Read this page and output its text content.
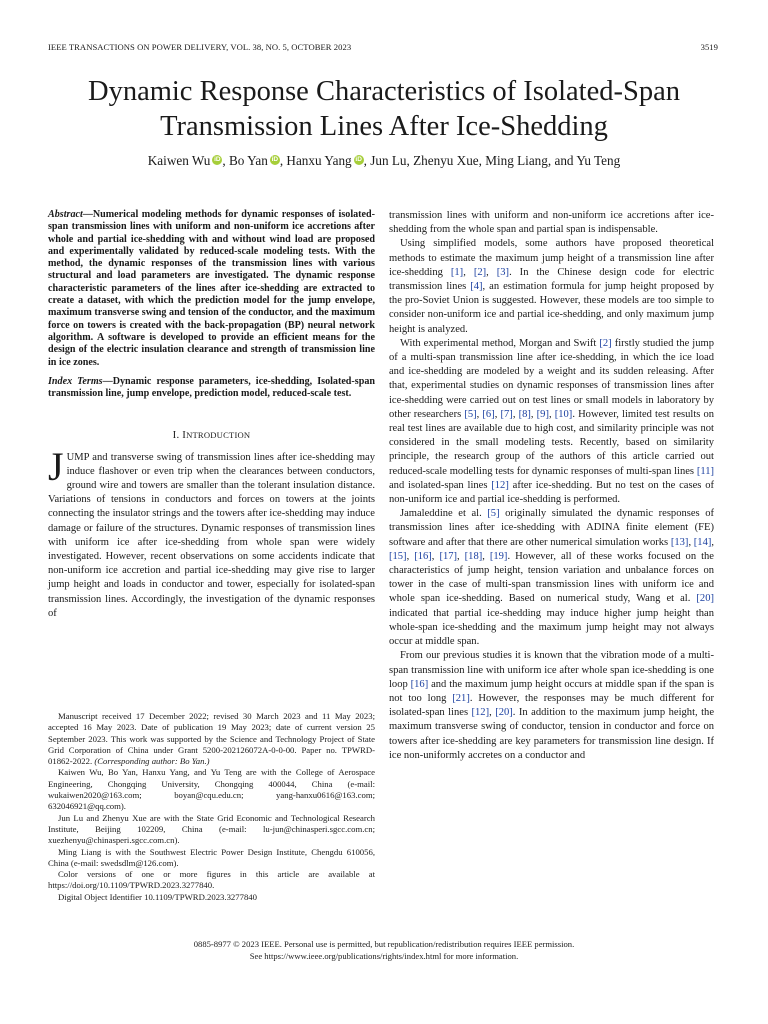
IEEE TRANSACTIONS ON POWER DELIVERY, VOL. 38, NO. 5, OCTOBER 2023	3519
Dynamic Response Characteristics of Isolated-Span
Transmission Lines After Ice-Shedding
Kaiwen Wu iD , Bo Yan iD , Hanxu Yang iD , Jun Lu, Zhenyu Xue, Ming Liang, and Yu Teng
Abstract—Numerical modeling methods for dynamic responses of isolated-span transmission lines with uniform and non-uniform ice accretions after whole and partial ice-shedding with and without wind load are proposed and experimentally validated by reduced-scale modeling tests. With the method, the dynamic responses of the transmission lines with various structural and load parameters are investigated. The dynamic response characteristic parameters of the lines after ice-shedding are extracted to create a dataset, with which the prediction model for the jump envelope, maximum transverse swing and tension of the conductor, and the maximum force on towers is created with the back-propagation (BP) neural network algorithm. A software is developed to provide an efficient means for the design of the electric insulation clearance and strength of transmission line in ice zones.
Index Terms—Dynamic response parameters, ice-shedding, Isolated-span transmission line, jump envelope, prediction model, reduced-scale test.
I. INTRODUCTION
JUMP and transverse swing of transmission lines after ice-shedding may induce flashover or even trip when the clearances between conductors, ground wire and towers are smaller than the tolerant insulation distance. Variations of tensions in conductors and forces on towers at the joints connecting the insulator strings and the towers after ice-shedding may induce damage or failure of the structures. Dynamic responses of transmission lines with uniform ice after ice-shedding from whole span were widely investigated. However, recent observations on some accidents indicate that non-uniform ice accretion and partial ice-shedding may give rise to larger jump height and loads in conductor and tower, especially for isolated-span transmission lines. Accordingly, the investigation of the dynamic responses of

Manuscript received 17 December 2022; revised 30 March 2023 and 11 May 2023; accepted 16 May 2023. Date of publication 19 May 2023; date of current version 25 September 2023. This work was supported by the Science and Technology Project of State Grid Corporation of China under Grant 5200-202126072A-0-0-00. Paper no. TPWRD-01862-2022. (Corresponding author: Bo Yan.)

Kaiwen Wu, Bo Yan, Hanxu Yang, and Yu Teng are with the College of Aerospace Engineering, Chongqing University, Chongqing 400044, China (e-mail: wukaiwen2020@163.com; boyan@cqu.edu.cn; yang-hanxu0616@163.com; 632046921@qq.com).

Jun Lu and Zhenyu Xue are with the State Grid Economic and Technological Research Institute, Beijing 102209, China (e-mail: lu-jun@chinasperi.sgcc.com.cn; xuezhenyu@chinasperi.sgcc.com.cn).

Ming Liang is with the Southwest Electric Power Design Institute, Chengdu 610056, China (e-mail: swedsdlm@126.com).

Color versions of one or more figures in this article are available at https://doi.org/10.1109/TPWRD.2023.3277840.

Digital Object Identifier 10.1109/TPWRD.2023.3277840

transmission lines with uniform and non-uniform ice accretions after ice-shedding from the whole span and partial span is indispensable.

Using simplified models, some authors have proposed theoretical methods to estimate the maximum jump height of a transmission line after ice-shedding [1], [2], [3]. In the Chinese design code for electric transmission lines [4], an estimation formula for jump height proposed by the pro-Soviet Union is suggested. However, these models are too simple to consider non-uniform ice and partial ice-shedding, and only maximum jump height is analyzed.

With experimental method, Morgan and Swift [2] firstly studied the jump of a multi-span transmission line after ice-shedding, in which the ice load and ice-shedding are modeled by a weight and its sudden releasing. After that, experimental studies on dynamic responses of transmission lines after ice-shedding were carried out on test lines or small models in laboratory by other researchers [5], [6], [7], [8], [9], [10]. However, limited test results on real test lines are available due to high cost, and similarity principle was not considered in the small modeling tests. Recently, based on similarity principle, the research group of the authors of this article carried out reduced-scale modelling tests for dynamic responses of multi-span lines [11] and isolated-span lines [12] after ice-shedding. But no test on the cases of non-uniform ice and partial ice-shedding is performed.

Jamaleddine et al. [5] originally simulated the dynamic responses of transmission lines after ice-shedding with ADINA finite element (FE) software and after that there are other numerical simulation works [13], [14], [15], [16], [17], [18], [19]. However, all of these works focused on the characteristics of jump height, tension variation and unbalance forces on tower in the case of multi-span transmission lines with uniform ice and whole span ice-shedding. Based on numerical study, Wang et al. [20] indicated that partial ice-shedding may induce higher jump height than whole-span ice-shedding and the maximum jump height may not always occur at middle span.

From our previous studies it is known that the vibration mode of a multi-span transmission line with uniform ice after whole span ice-shedding is one loop [16] and the maximum jump height occurs at middle span if the span is not too long [21]. However, the responses may be much different for isolated-span lines [12], [20]. In addition to the maximum jump height, the maximum transverse swing of conductor, tension in conductor and force on towers after ice-shedding are key parameters for transmission line design. If ice non-uniformly accretes on a conductor and

0885-8977 © 2023 IEEE. Personal use is permitted, but republication/redistribution requires IEEE permission.
See https://www.ieee.org/publications/rights/index.html for more information.
